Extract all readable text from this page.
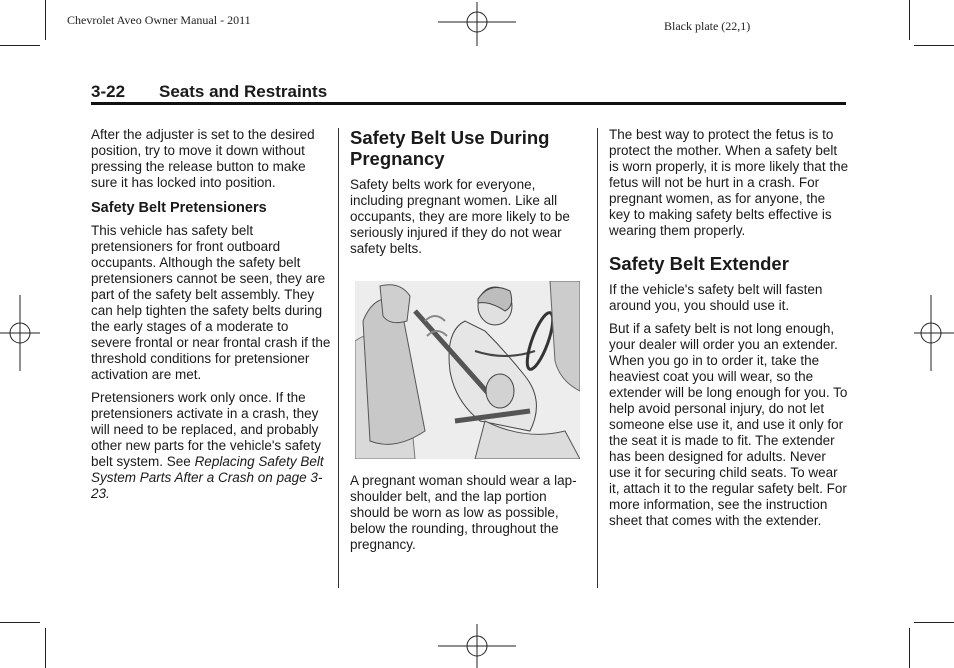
Chevrolet Aveo Owner Manual - 2011	Black plate (22,1)
3-22 Seats and Restraints

After the adjuster is set to the desired position, try to move it down without pressing the release button to make sure it has locked into position.

Safety Belt Pretensioners

This vehicle has safety belt pretensioners for front outboard occupants. Although the safety belt pretensioners cannot be seen, they are part of the safety belt assembly. They can help tighten the safety belts during the early stages of a moderate to severe frontal or near frontal crash if the threshold conditions for pretensioner activation are met.

Pretensioners work only once. If the pretensioners activate in a crash, they will need to be replaced, and probably other new parts for the vehicle's safety belt system. See Replacing Safety Belt System Parts After a Crash on page 3-23.

Safety Belt Use During Pregnancy

Safety belts work for everyone, including pregnant women. Like all occupants, they are more likely to be seriously injured if they do not wear safety belts.

A pregnant woman should wear a lap-shoulder belt, and the lap portion should be worn as low as possible, below the rounding, throughout the pregnancy.

The best way to protect the fetus is to protect the mother. When a safety belt is worn properly, it is more likely that the fetus will not be hurt in a crash. For pregnant women, as for anyone, the key to making safety belts effective is wearing them properly.

Safety Belt Extender

If the vehicle's safety belt will fasten around you, you should use it.

But if a safety belt is not long enough, your dealer will order you an extender. When you go in to order it, take the heaviest coat you will wear, so the extender will be long enough for you. To help avoid personal injury, do not let someone else use it, and use it only for the seat it is made to fit. The extender has been designed for adults. Never use it for securing child seats. To wear it, attach it to the regular safety belt. For more information, see the instruction sheet that comes with the extender.
